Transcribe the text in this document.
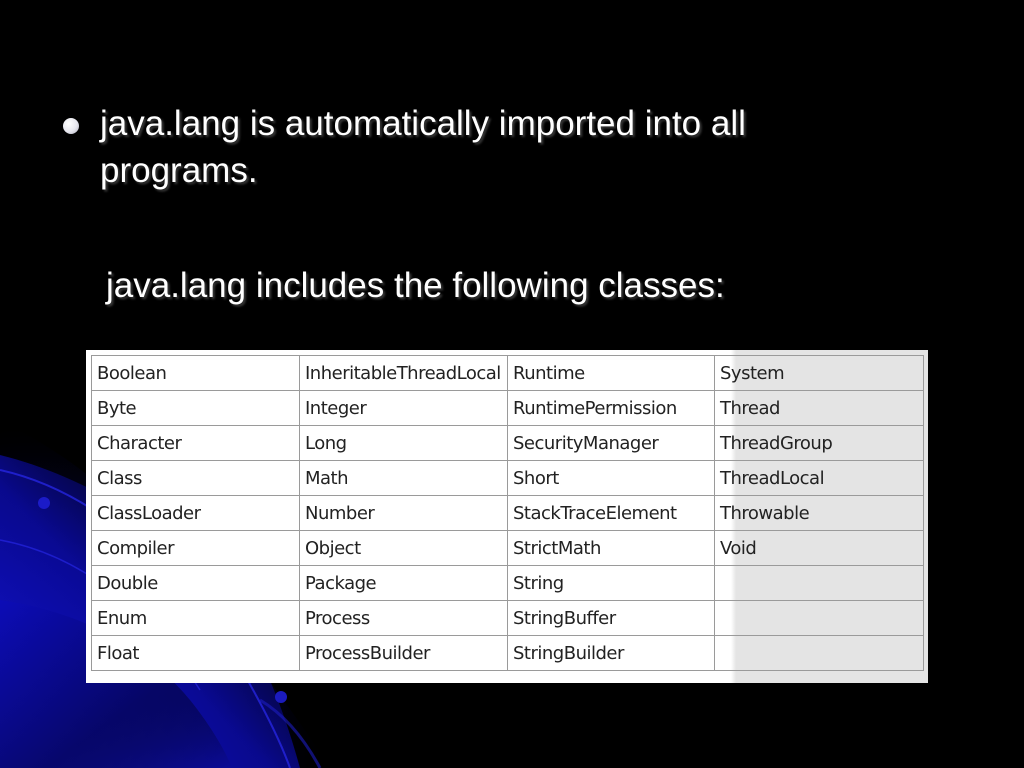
java.lang is automatically imported into all programs.
java.lang includes the following classes:
Boolean	InheritableThreadLocal	Runtime	System
Byte	Integer	RuntimePermission	Thread
Character	Long	SecurityManager	ThreadGroup
Class	Math	Short	ThreadLocal
ClassLoader	Number	StackTraceElement	Throwable
Compiler	Object	StrictMath	Void
Double	Package	String	
Enum	Process	StringBuffer	
Float	ProcessBuilder	StringBuilder	
